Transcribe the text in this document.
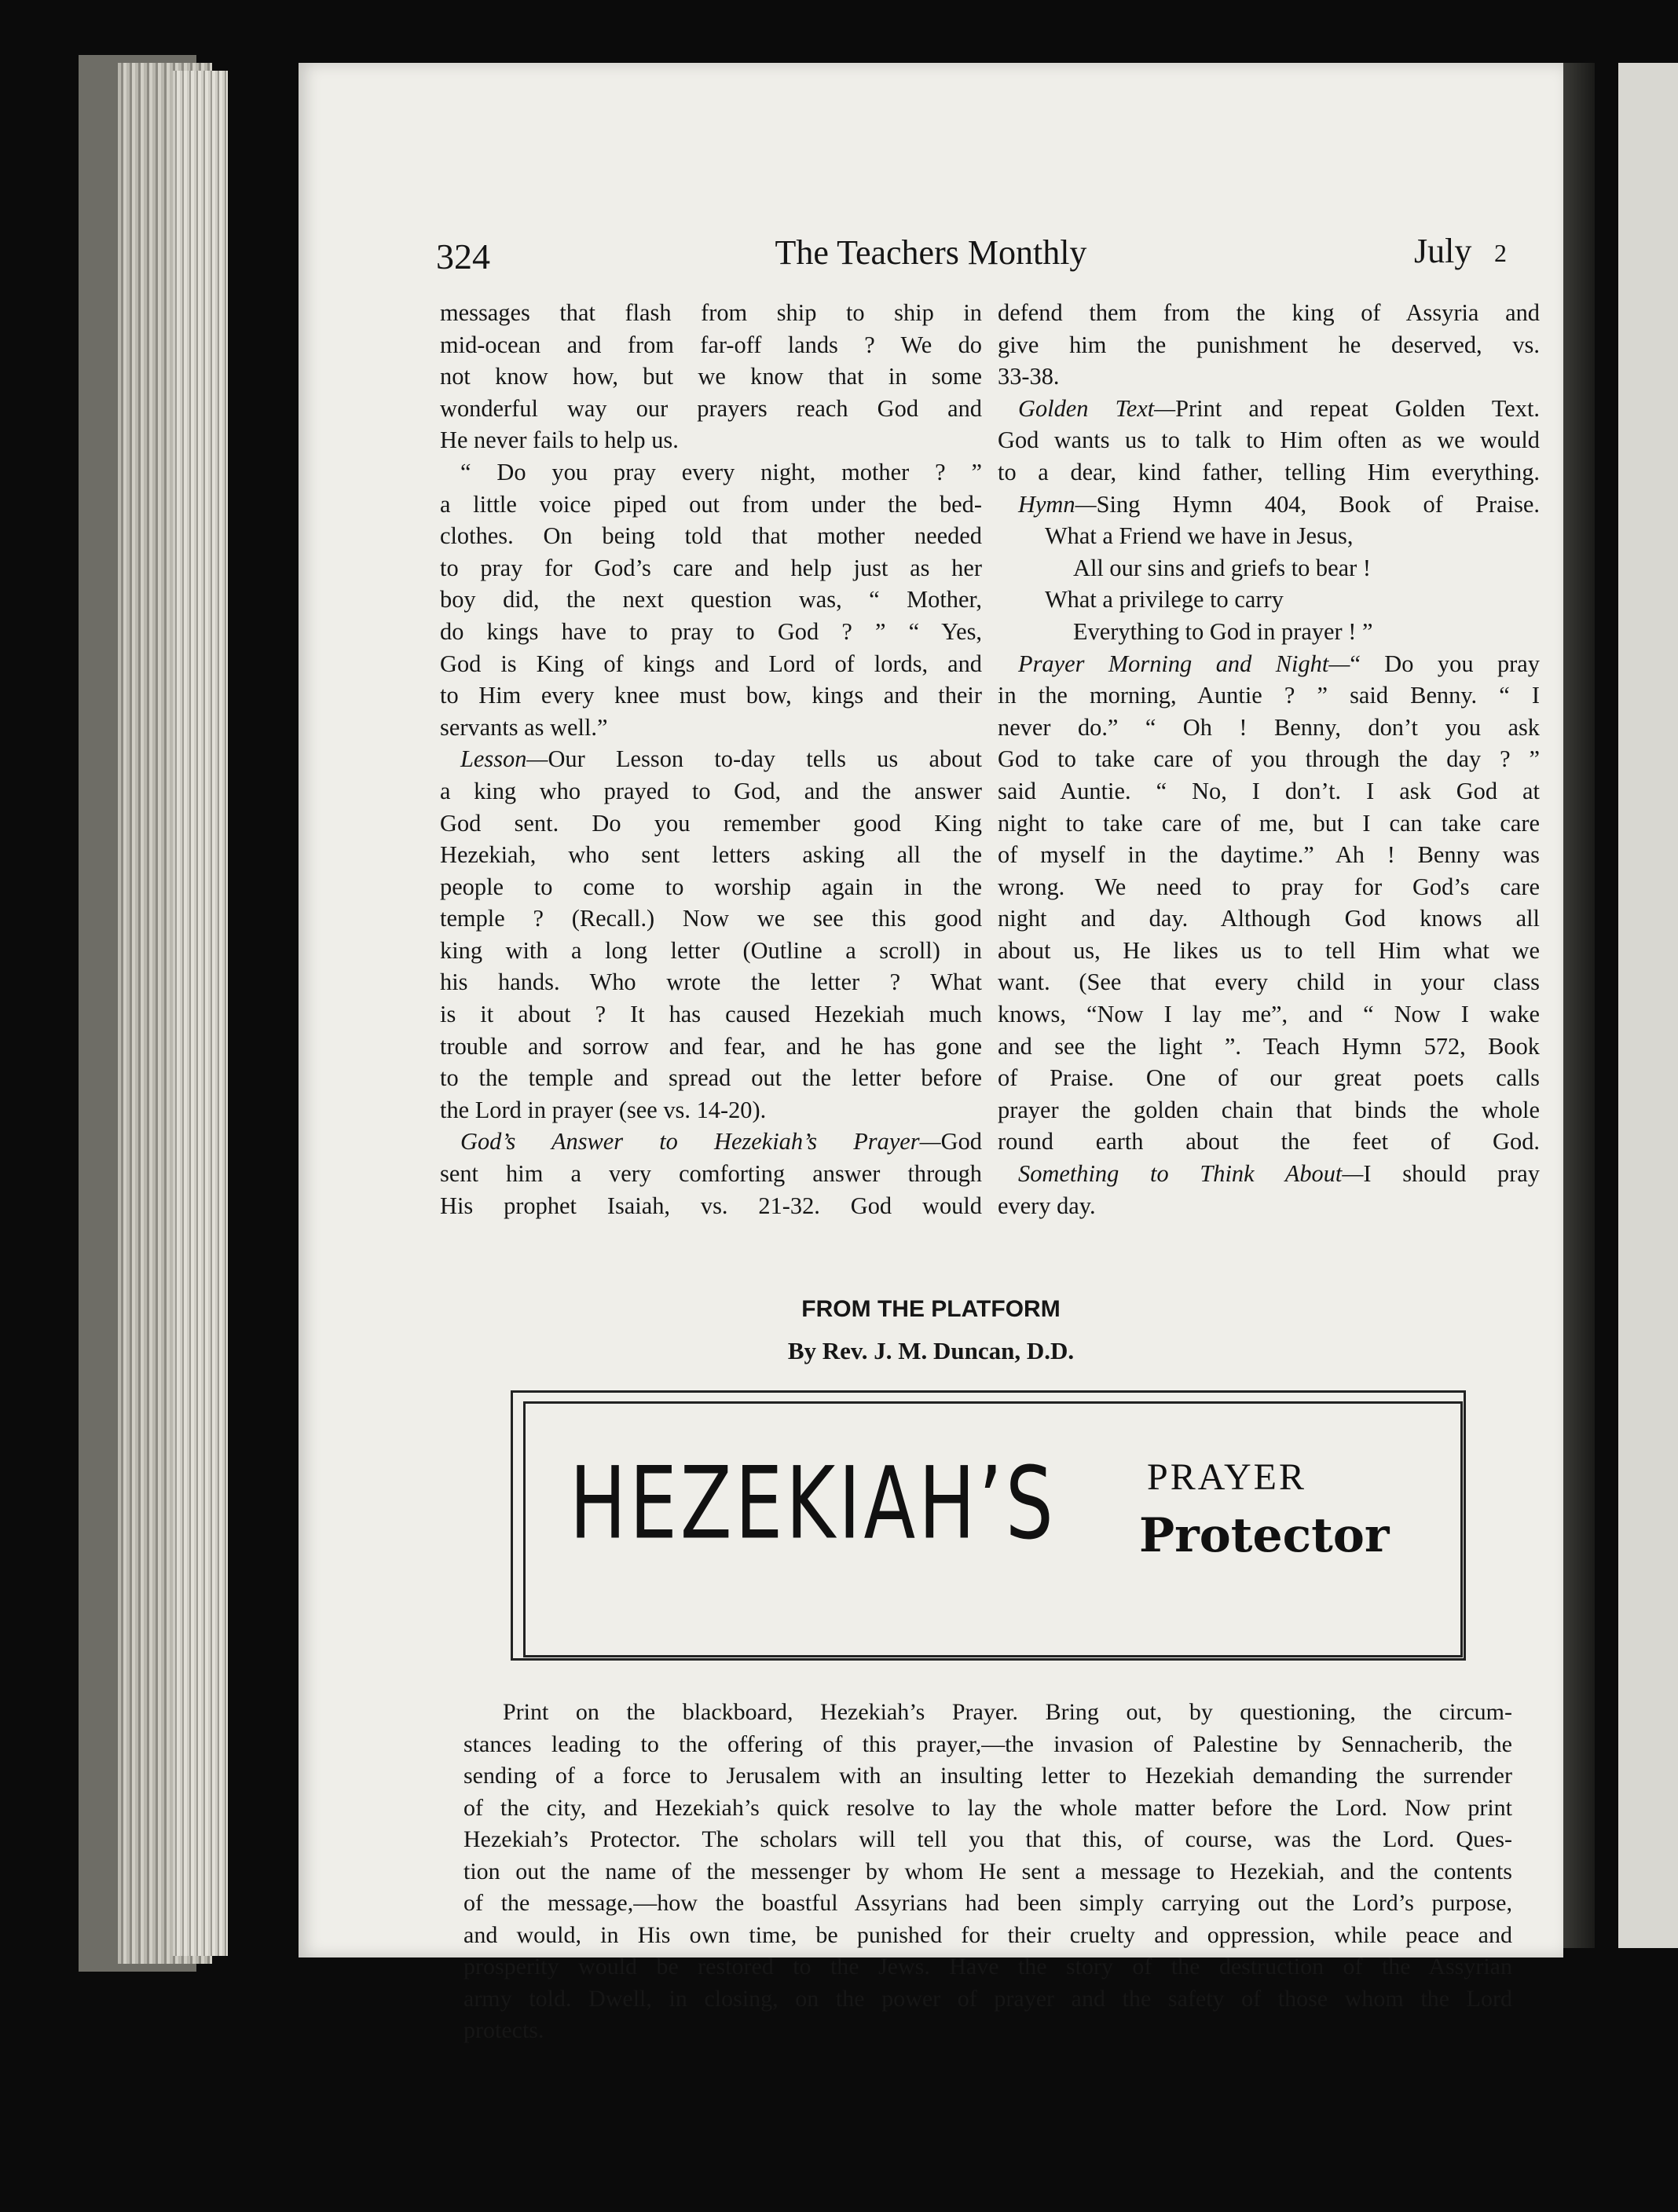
324	The Teachers Monthly	July 2
messages that flash from ship to ship in
mid-ocean and from far-off lands ? We do
not know how, but we know that in some
wonderful way our prayers reach God and
He never fails to help us.
“ Do you pray every night, mother ? ”
a little voice piped out from under the bed-
clothes. On being told that mother needed
to pray for God’s care and help just as her
boy did, the next question was, “ Mother,
do kings have to pray to God ? ” “ Yes,
God is King of kings and Lord of lords, and
to Him every knee must bow, kings and their
servants as well.”
Lesson—Our Lesson to-day tells us about
a king who prayed to God, and the answer
God sent. Do you remember good King
Hezekiah, who sent letters asking all the
people to come to worship again in the
temple ? (Recall.) Now we see this good
king with a long letter (Outline a scroll) in
his hands. Who wrote the letter ? What
is it about ? It has caused Hezekiah much
trouble and sorrow and fear, and he has gone
to the temple and spread out the letter before
the Lord in prayer (see vs. 14-20).
God’s Answer to Hezekiah’s Prayer—God
sent him a very comforting answer through
His prophet Isaiah, vs. 21-32. God would
defend them from the king of Assyria and
give him the punishment he deserved, vs.
33-38.
Golden Text—Print and repeat Golden Text.
God wants us to talk to Him often as we would
to a dear, kind father, telling Him everything.
Hymn—Sing Hymn 404, Book of Praise.
What a Friend we have in Jesus,
All our sins and griefs to bear !
What a privilege to carry
Everything to God in prayer ! ”
Prayer Morning and Night—“ Do you pray
in the morning, Auntie ? ” said Benny. “ I
never do.” “ Oh ! Benny, don’t you ask
God to take care of you through the day ? ”
said Auntie. “ No, I don’t. I ask God at
night to take care of me, but I can take care
of myself in the daytime.” Ah ! Benny was
wrong. We need to pray for God’s care
night and day. Although God knows all
about us, He likes us to tell Him what we
want. (See that every child in your class
knows, “Now I lay me”, and “ Now I wake
and see the light ”. Teach Hymn 572, Book
of Praise. One of our great poets calls
prayer the golden chain that binds the whole
round earth about the feet of God.
Something to Think About—I should pray
every day.
FROM THE PLATFORM
By Rev. J. M. Duncan, D.D.
HEZEKIAH’S PRAYER
Protector
Print on the blackboard, Hezekiah’s Prayer. Bring out, by questioning, the circum-
stances leading to the offering of this prayer,—the invasion of Palestine by Sennacherib, the
sending of a force to Jerusalem with an insulting letter to Hezekiah demanding the surrender
of the city, and Hezekiah’s quick resolve to lay the whole matter before the Lord. Now print
Hezekiah’s Protector. The scholars will tell you that this, of course, was the Lord. Ques-
tion out the name of the messenger by whom He sent a message to Hezekiah, and the contents
of the message,—how the boastful Assyrians had been simply carrying out the Lord’s purpose,
and would, in His own time, be punished for their cruelty and oppression, while peace and
prosperity would be restored to the Jews. Have the story of the destruction of the Assyrian
army told. Dwell, in closing, on the power of prayer and the safety of those whom the Lord
protects.
